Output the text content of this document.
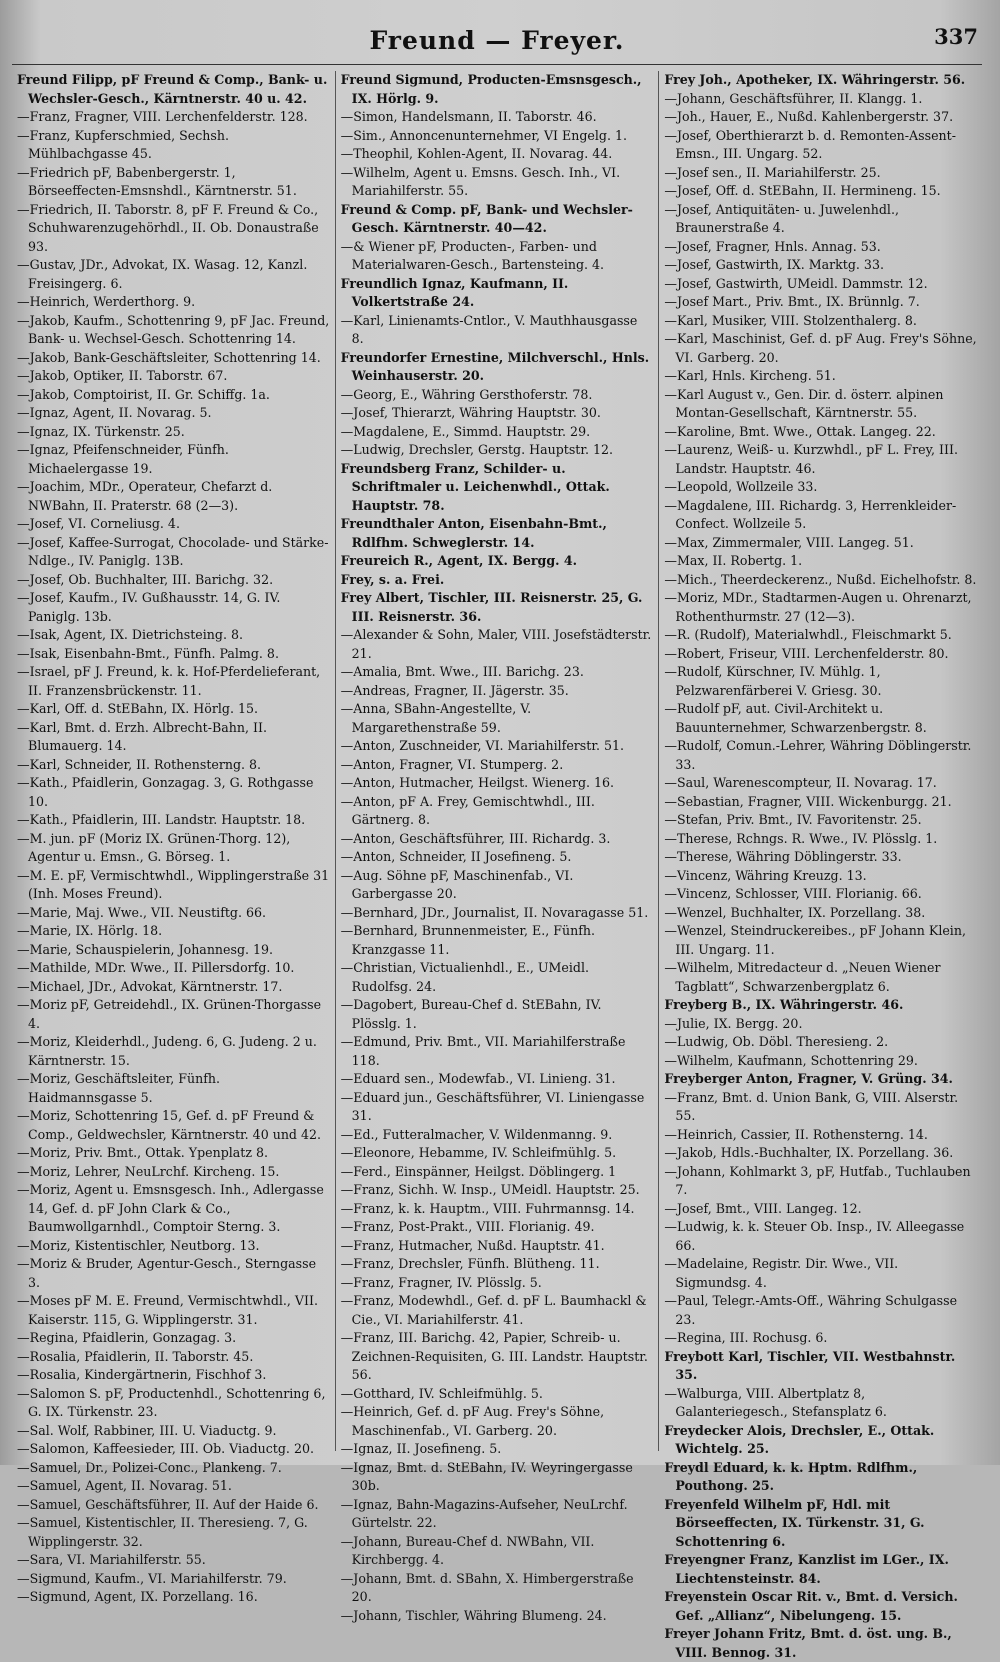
Freund — Freyer.	337

Freund Filipp, pF Freund & Comp., Bank- u. Wechsler-Gesch., Kärntnerstr. 40 u. 42.

— Franz, Fragner, VIII. Lerchenfelderstr. 128.

— Franz, Kupferschmied, Sechsh. Mühlbachgasse 45.

— Friedrich pF, Babenbergerstr. 1, Börseeffecten-Emsnshdl., Kärntnerstr. 51.

— Friedrich, II. Taborstr. 8, pF F. Freund & Co., Schuhwarenzugehörhdl., II. Ob. Donaustraße 93.

— Gustav, JDr., Advokat, IX. Wasag. 12, Kanzl. Freisingerg. 6.

— Heinrich, Werderthorg. 9.

— Jakob, Kaufm., Schottenring 9, pF Jac. Freund, Bank- u. Wechsel-Gesch. Schottenring 14.

— Jakob, Bank-Geschäftsleiter, Schottenring 14.

— Jakob, Optiker, II. Taborstr. 67.

— Jakob, Comptoirist, II. Gr. Schiffg. 1a.

— Ignaz, Agent, II. Novarag. 5.

— Ignaz, IX. Türkenstr. 25.

— Ignaz, Pfeifenschneider, Fünfh. Michaelergasse 19.

— Joachim, MDr., Operateur, Chefarzt d. NWBahn, II. Praterstr. 68 (2—3).

— Josef, VI. Corneliusg. 4.

— Josef, Kaffee-Surrogat, Chocolade- und Stärke-Ndlge., IV. Paniglg. 13B.

— Josef, Ob. Buchhalter, III. Barichg. 32.

— Josef, Kaufm., IV. Gußhausstr. 14, G. IV. Paniglg. 13b.

— Isak, Agent, IX. Dietrichsteing. 8.

— Isak, Eisenbahn-Bmt., Fünfh. Palmg. 8.

— Israel, pF J. Freund, k. k. Hof-Pferdelieferant, II. Franzensbrückenstr. 11.

— Karl, Off. d. StEBahn, IX. Hörlg. 15.

— Karl, Bmt. d. Erzh. Albrecht-Bahn, II. Blumauerg. 14.

— Karl, Schneider, II. Rothensterng. 8.

— Kath., Pfaidlerin, Gonzagag. 3, G. Rothgasse 10.

— Kath., Pfaidlerin, III. Landstr. Hauptstr. 18.

— M. jun. pF (Moriz IX. Grünen-Thorg. 12), Agentur u. Emsn., G. Börseg. 1.

— M. E. pF, Vermischtwhdl., Wipplingerstraße 31 (Inh. Moses Freund).

— Marie, Maj. Wwe., VII. Neustiftg. 66.

— Marie, IX. Hörlg. 18.

— Marie, Schauspielerin, Johannesg. 19.

— Mathilde, MDr. Wwe., II. Pillersdorfg. 10.

— Michael, JDr., Advokat, Kärntnerstr. 17.

— Moriz pF, Getreidehdl., IX. Grünen-Thorgasse 4.

— Moriz, Kleiderhdl., Judeng. 6, G. Judeng. 2 u. Kärntnerstr. 15.

— Moriz, Geschäftsleiter, Fünfh. Haidmannsgasse 5.

— Moriz, Schottenring 15, Gef. d. pF Freund & Comp., Geldwechsler, Kärntnerstr. 40 und 42.

— Moriz, Priv. Bmt., Ottak. Ypenplatz 8.

— Moriz, Lehrer, NeuLrchf. Kircheng. 15.

— Moriz, Agent u. Emsnsgesch. Inh., Adlergasse 14, Gef. d. pF John Clark & Co., Baumwollgarnhdl., Comptoir Sterng. 3.

— Moriz, Kistentischler, Neutborg. 13.

— Moriz & Bruder, Agentur-Gesch., Sterngasse 3.

— Moses pF M. E. Freund, Vermischtwhdl., VII. Kaiserstr. 115, G. Wipplingerstr. 31.

— Regina, Pfaidlerin, Gonzagag. 3.

— Rosalia, Pfaidlerin, II. Taborstr. 45.

— Rosalia, Kindergärtnerin, Fischhof 3.

— Salomon S. pF, Productenhdl., Schottenring 6, G. IX. Türkenstr. 23.

— Sal. Wolf, Rabbiner, III. U. Viaductg. 9.

— Salomon, Kaffeesieder, III. Ob. Viaductg. 20.

— Samuel, Dr., Polizei-Conc., Plankeng. 7.

— Samuel, Agent, II. Novarag. 51.

— Samuel, Geschäftsführer, II. Auf der Haide 6.

— Samuel, Kistentischler, II. Theresieng. 7, G. Wipplingerstr. 32.

— Sara, VI. Mariahilferstr. 55.

— Sigmund, Kaufm., VI. Mariahilferstr. 79.

— Sigmund, Agent, IX. Porzellang. 16.

Freund Sigmund, Producten-Emsnsgesch., IX. Hörlg. 9.

— Simon, Handelsmann, II. Taborstr. 46.

— Sim., Annoncenunternehmer, VI Engelg. 1.

— Theophil, Kohlen-Agent, II. Novarag. 44.

— Wilhelm, Agent u. Emsns. Gesch. Inh., VI. Mariahilferstr. 55.

Freund & Comp. pF, Bank- und Wechsler-Gesch. Kärntnerstr. 40—42.

— & Wiener pF, Producten-, Farben- und Materialwaren-Gesch., Bartensteing. 4.

Freundlich Ignaz, Kaufmann, II. Volkertstraße 24.

— Karl, Linienamts-Cntlor., V. Mauthhausgasse 8.

Freundorfer Ernestine, Milchverschl., Hnls. Weinhauserstr. 20.

— Georg, E., Währing Gersthoferstr. 78.

— Josef, Thierarzt, Währing Hauptstr. 30.

— Magdalene, E., Simmd. Hauptstr. 29.

— Ludwig, Drechsler, Gerstg. Hauptstr. 12.

Freundsberg Franz, Schilder- u. Schriftmaler u. Leichenwhdl., Ottak. Hauptstr. 78.

Freundthaler Anton, Eisenbahn-Bmt., Rdlfhm. Schweglerstr. 14.

Freureich R., Agent, IX. Bergg. 4.

Frey, s. a. Frei.

Frey Albert, Tischler, III. Reisnerstr. 25, G. III. Reisnerstr. 36.

— Alexander & Sohn, Maler, VIII. Josefstädterstr. 21.

— Amalia, Bmt. Wwe., III. Barichg. 23.

— Andreas, Fragner, II. Jägerstr. 35.

— Anna, SBahn-Angestellte, V. Margarethenstraße 59.

— Anton, Zuschneider, VI. Mariahilferstr. 51.

— Anton, Fragner, VI. Stumperg. 2.

— Anton, Hutmacher, Heilgst. Wienerg. 16.

— Anton, pF A. Frey, Gemischtwhdl., III. Gärtnerg. 8.

— Anton, Geschäftsführer, III. Richardg. 3.

— Anton, Schneider, II Josefineng. 5.

— Aug. Söhne pF, Maschinenfab., VI. Garbergasse 20.

— Bernhard, JDr., Journalist, II. Novaragasse 51.

— Bernhard, Brunnenmeister, E., Fünfh. Kranzgasse 11.

— Christian, Victualienhdl., E., UMeidl. Rudolfsg. 24.

— Dagobert, Bureau-Chef d. StEBahn, IV. Plösslg. 1.

— Edmund, Priv. Bmt., VII. Mariahilferstraße 118.

— Eduard sen., Modewfab., VI. Linieng. 31.

— Eduard jun., Geschäftsführer, VI. Liniengasse 31.

— Ed., Futteralmacher, V. Wildenmanng. 9.

— Eleonore, Hebamme, IV. Schleifmühlg. 5.

— Ferd., Einspänner, Heilgst. Döblingerg. 1

— Franz, Sichh. W. Insp., UMeidl. Hauptstr. 25.

— Franz, k. k. Hauptm., VIII. Fuhrmannsg. 14.

— Franz, Post-Prakt., VIII. Florianig. 49.

— Franz, Hutmacher, Nußd. Hauptstr. 41.

— Franz, Drechsler, Fünfh. Blütheng. 11.

— Franz, Fragner, IV. Plösslg. 5.

— Franz, Modewhdl., Gef. d. pF L. Baumhackl & Cie., VI. Mariahilferstr. 41.

— Franz, III. Barichg. 42, Papier, Schreib- u. Zeichnen-Requisiten, G. III. Landstr. Hauptstr. 56.

— Gotthard, IV. Schleifmühlg. 5.

— Heinrich, Gef. d. pF Aug. Frey's Söhne, Maschinenfab., VI. Garberg. 20.

— Ignaz, II. Josefineng. 5.

— Ignaz, Bmt. d. StEBahn, IV. Weyringergasse 30b.

— Ignaz, Bahn-Magazins-Aufseher, NeuLrchf. Gürtelstr. 22.

— Johann, Bureau-Chef d. NWBahn, VII. Kirchbergg. 4.

— Johann, Bmt. d. SBahn, X. Himbergerstraße 20.

— Johann, Tischler, Währing Blumeng. 24.

Frey Joh., Apotheker, IX. Währingerstr. 56.

— Johann, Geschäftsführer, II. Klangg. 1.

— Joh., Hauer, E., Nußd. Kahlenbergerstr. 37.

— Josef, Oberthierarzt b. d. Remonten-Assent-Emsn., III. Ungarg. 52.

— Josef sen., II. Mariahilferstr. 25.

— Josef, Off. d. StEBahn, II. Hermineng. 15.

— Josef, Antiquitäten- u. Juwelenhdl., Braunerstraße 4.

— Josef, Fragner, Hnls. Annag. 53.

— Josef, Gastwirth, IX. Marktg. 33.

— Josef, Gastwirth, UMeidl. Dammstr. 12.

— Josef Mart., Priv. Bmt., IX. Brünnlg. 7.

— Karl, Musiker, VIII. Stolzenthalerg. 8.

— Karl, Maschinist, Gef. d. pF Aug. Frey's Söhne, VI. Garberg. 20.

— Karl, Hnls. Kircheng. 51.

— Karl August v., Gen. Dir. d. österr. alpinen Montan-Gesellschaft, Kärntnerstr. 55.

— Karoline, Bmt. Wwe., Ottak. Langeg. 22.

— Laurenz, Weiß- u. Kurzwhdl., pF L. Frey, III. Landstr. Hauptstr. 46.

— Leopold, Wollzeile 33.

— Magdalene, III. Richardg. 3, Herrenkleider-Confect. Wollzeile 5.

— Max, Zimmermaler, VIII. Langeg. 51.

— Max, II. Robertg. 1.

— Mich., Theerdeckerenz., Nußd. Eichelhofstr. 8.

— Moriz, MDr., Stadtarmen-Augen u. Ohrenarzt, Rothenthurmstr. 27 (12—3).

— R. (Rudolf), Materialwhdl., Fleischmarkt 5.

— Robert, Friseur, VIII. Lerchenfelderstr. 80.

— Rudolf, Kürschner, IV. Mühlg. 1, Pelzwarenfärberei V. Griesg. 30.

— Rudolf pF, aut. Civil-Architekt u. Bauunternehmer, Schwarzenbergstr. 8.

— Rudolf, Comun.-Lehrer, Währing Döblingerstr. 33.

— Saul, Warenescompteur, II. Novarag. 17.

— Sebastian, Fragner, VIII. Wickenburgg. 21.

— Stefan, Priv. Bmt., IV. Favoritenstr. 25.

— Therese, Rchngs. R. Wwe., IV. Plösslg. 1.

— Therese, Währing Döblingerstr. 33.

— Vincenz, Währing Kreuzg. 13.

— Vincenz, Schlosser, VIII. Florianig. 66.

— Wenzel, Buchhalter, IX. Porzellang. 38.

— Wenzel, Steindruckereibes., pF Johann Klein, III. Ungarg. 11.

— Wilhelm, Mitredacteur d. „Neuen Wiener Tagblatt“, Schwarzenbergplatz 6.

Freyberg B., IX. Währingerstr. 46.

— Julie, IX. Bergg. 20.

— Ludwig, Ob. Döbl. Theresieng. 2.

— Wilhelm, Kaufmann, Schottenring 29.

Freyberger Anton, Fragner, V. Grüng. 34.

— Franz, Bmt. d. Union Bank, G, VIII. Alserstr. 55.

— Heinrich, Cassier, II. Rothensterng. 14.

— Jakob, Hdls.-Buchhalter, IX. Porzellang. 36.

— Johann, Kohlmarkt 3, pF, Hutfab., Tuchlauben 7.

— Josef, Bmt., VIII. Langeg. 12.

— Ludwig, k. k. Steuer Ob. Insp., IV. Alleegasse 66.

— Madelaine, Registr. Dir. Wwe., VII. Sigmundsg. 4.

— Paul, Telegr.-Amts-Off., Währing Schulgasse 23.

— Regina, III. Rochusg. 6.

Freybott Karl, Tischler, VII. Westbahnstr. 35.

— Walburga, VIII. Albertplatz 8, Galanteriegesch., Stefansplatz 6.

Freydecker Alois, Drechsler, E., Ottak. Wichtelg. 25.

Freydl Eduard, k. k. Hptm. Rdlfhm., Pouthong. 25.

Freyenfeld Wilhelm pF, Hdl. mit Börseeffecten, IX. Türkenstr. 31, G. Schottenring 6.

Freyengner Franz, Kanzlist im LGer., IX. Liechtensteinstr. 84.

Freyenstein Oscar Rit. v., Bmt. d. Versich. Gef. „Allianz“, Nibelungeng. 15.

Freyer Johann Fritz, Bmt. d. öst. ung. B., VIII. Bennog. 31.
